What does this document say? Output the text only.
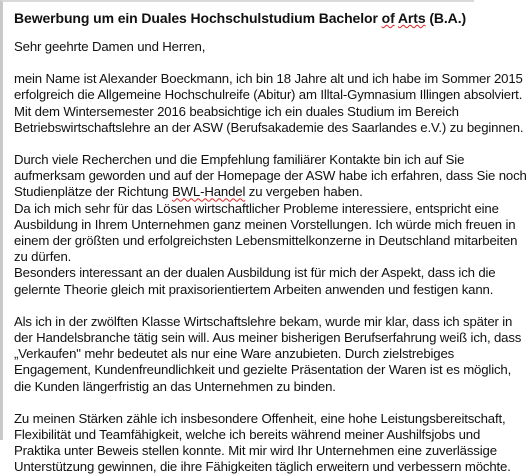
Bewerbung um ein Duales Hochschulstudium Bachelor of Arts (B.A.)

Sehr geehrte Damen und Herren,

mein Name ist Alexander Boeckmann, ich bin 18 Jahre alt und ich habe im Sommer 2015
erfolgreich die Allgemeine Hochschulreife (Abitur) am Illtal-Gymnasium Illingen absolviert.
Mit dem Wintersemester 2016 beabsichtige ich ein duales Studium im Bereich
Betriebswirtschaftslehre an der ASW (Berufsakademie des Saarlandes e.V.) zu beginnen.

Durch viele Recherchen und die Empfehlung familiärer Kontakte bin ich auf Sie
aufmerksam geworden und auf der Homepage der ASW habe ich erfahren, dass Sie noch
Studienplätze der Richtung BWL-Handel zu vergeben haben.
Da ich mich sehr für das Lösen wirtschaftlicher Probleme interessiere, entspricht eine
Ausbildung in Ihrem Unternehmen ganz meinen Vorstellungen. Ich würde mich freuen in
einem der größten und erfolgreichsten Lebensmittelkonzerne in Deutschland mitarbeiten
zu dürfen.
Besonders interessant an der dualen Ausbildung ist für mich der Aspekt, dass ich die
gelernte Theorie gleich mit praxisorientiertem Arbeiten anwenden und festigen kann.

Als ich in der zwölften Klasse Wirtschaftslehre bekam, wurde mir klar, dass ich später in
der Handelsbranche tätig sein will. Aus meiner bisherigen Berufserfahrung weiß ich, dass
„Verkaufen" mehr bedeutet als nur eine Ware anzubieten. Durch zielstrebiges
Engagement, Kundenfreundlichkeit und gezielte Präsentation der Waren ist es möglich,
die Kunden längerfristig an das Unternehmen zu binden.

Zu meinen Stärken zähle ich insbesondere Offenheit, eine hohe Leistungsbereitschaft,
Flexibilität und Teamfähigkeit, welche ich bereits während meiner Aushilfsjobs und
Praktika unter Beweis stellen konnte. Mit mir wird Ihr Unternehmen eine zuverlässige
Unterstützung gewinnen, die ihre Fähigkeiten täglich erweitern und verbessern möchte.
